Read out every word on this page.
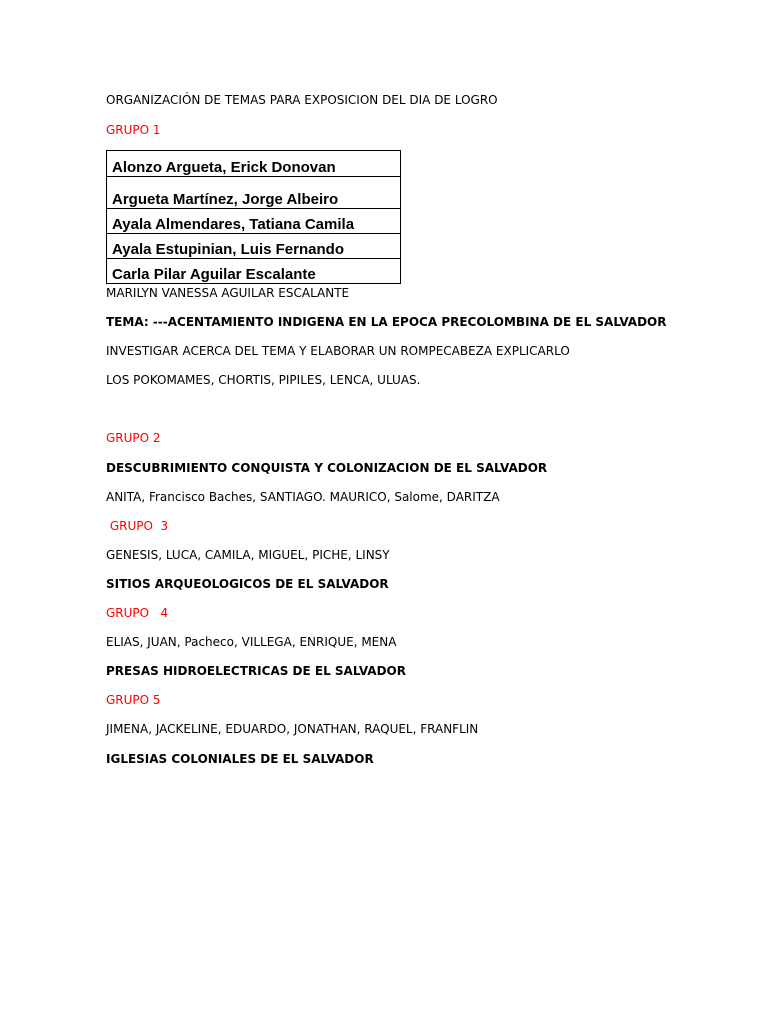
ORGANIZACIÓN DE TEMAS PARA EXPOSICION DEL DIA DE LOGRO
GRUPO 1
Alonzo Argueta, Erick Donovan
Argueta Martínez, Jorge Albeiro
Ayala Almendares, Tatiana Camila
Ayala Estupinian, Luis Fernando
Carla Pilar Aguilar Escalante
MARILYN VANESSA AGUILAR ESCALANTE
TEMA: ---ACENTAMIENTO INDIGENA EN LA EPOCA PRECOLOMBINA DE EL SALVADOR
INVESTIGAR ACERCA DEL TEMA Y ELABORAR UN ROMPECABEZA EXPLICARLO
LOS POKOMAMES, CHORTIS, PIPILES, LENCA, ULUAS.
GRUPO 2
DESCUBRIMIENTO CONQUISTA Y COLONIZACION DE EL SALVADOR
ANITA, Francisco Baches, SANTIAGO. MAURICO, Salome, DARITZA
GRUPO  3
GENESIS, LUCA, CAMILA, MIGUEL, PICHE, LINSY
SITIOS ARQUEOLOGICOS DE EL SALVADOR
GRUPO   4
ELIAS, JUAN, Pacheco, VILLEGA, ENRIQUE, MENA
PRESAS HIDROELECTRICAS DE EL SALVADOR
GRUPO 5
JIMENA, JACKELINE, EDUARDO, JONATHAN, RAQUEL, FRANFLIN
IGLESIAS COLONIALES DE EL SALVADOR
